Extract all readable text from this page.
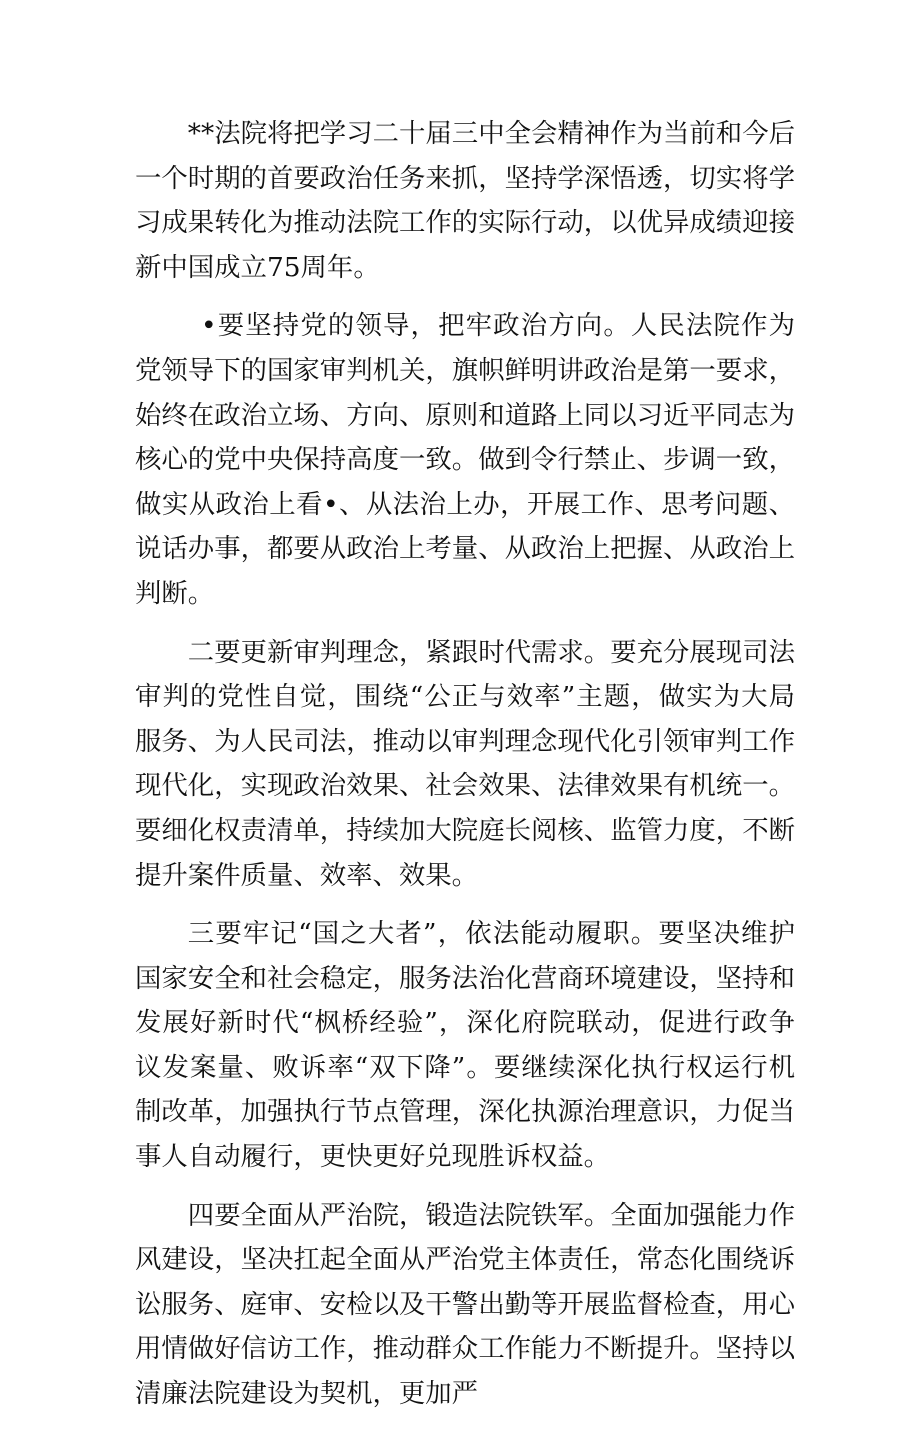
**法院将把学习二十届三中全会精神作为当前和今后一个时期的首要政治任务来抓，坚持学深悟透，切实将学习成果转化为推动法院工作的实际行动，以优异成绩迎接新中国成立75周年。

•要坚持党的领导，把牢政治方向。人民法院作为党领导下的国家审判机关，旗帜鲜明讲政治是第一要求，始终在政治立场、方向、原则和道路上同以习近平同志为核心的党中央保持高度一致。做到令行禁止、步调一致，做实从政治上看•、从法治上办，开展工作、思考问题、说话办事，都要从政治上考量、从政治上把握、从政治上判断。

二要更新审判理念，紧跟时代需求。要充分展现司法审判的党性自觉，围绕“公正与效率”主题，做实为大局服务、为人民司法，推动以审判理念现代化引领审判工作现代化，实现政治效果、社会效果、法律效果有机统一。要细化权责清单，持续加大院庭长阅核、监管力度，不断提升案件质量、效率、效果。

三要牢记“国之大者”，依法能动履职。要坚决维护国家安全和社会稳定，服务法治化营商环境建设，坚持和发展好新时代“枫桥经验”，深化府院联动，促进行政争议发案量、败诉率“双下降”。要继续深化执行权运行机制改革，加强执行节点管理，深化执源治理意识，力促当事人自动履行，更快更好兑现胜诉权益。

四要全面从严治院，锻造法院铁军。全面加强能力作风建设，坚决扛起全面从严治党主体责任，常态化围绕诉讼服务、庭审、安检以及干警出勤等开展监督检查，用心用情做好信访工作，推动群众工作能力不断提升。坚持以清廉法院建设为契机，更加严
